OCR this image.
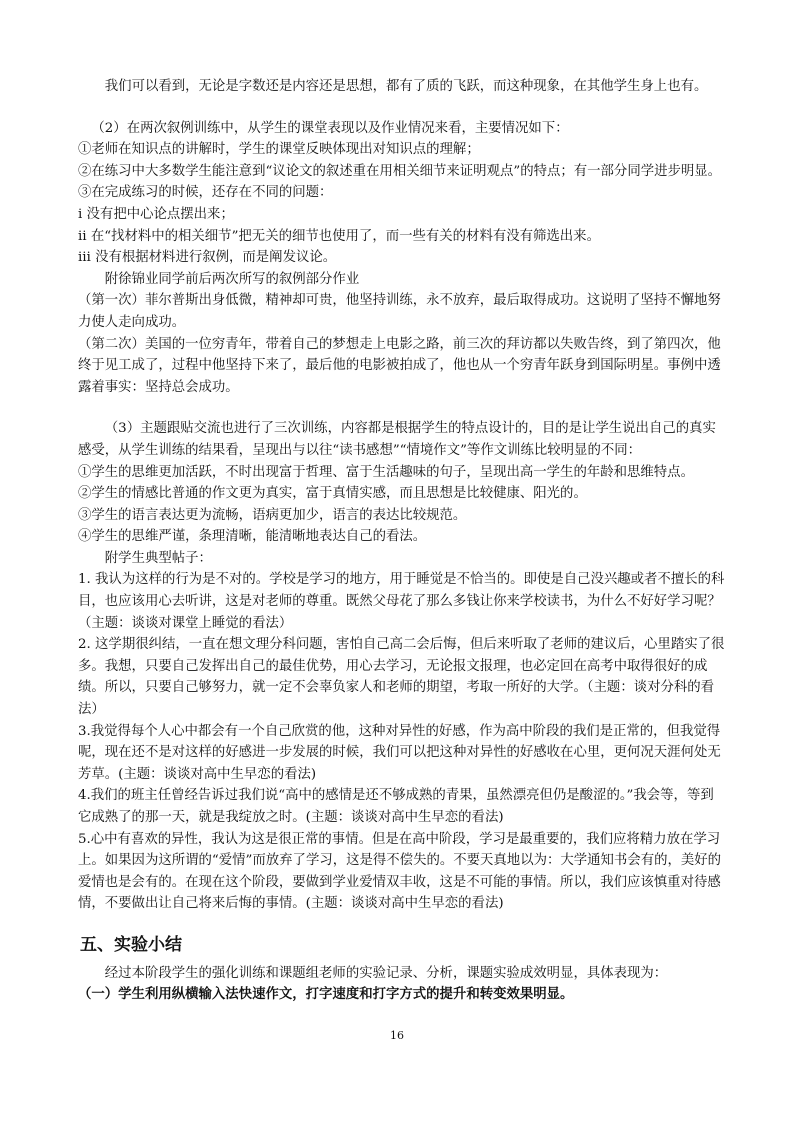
我们可以看到，无论是字数还是内容还是思想，都有了质的飞跃，而这种现象，在其他学生身上也有。

（2）在两次叙例训练中，从学生的课堂表现以及作业情况来看，主要情况如下：

①老师在知识点的讲解时，学生的课堂反映体现出对知识点的理解；

②在练习中大多数学生能注意到“议论文的叙述重在用相关细节来证明观点”的特点；有一部分同学进步明显。

③在完成练习的时候，还存在不同的问题：

ⅰ 没有把中心论点摆出来；

ⅱ 在“找材料中的相关细节”把无关的细节也使用了，而一些有关的材料有没有筛选出来。

ⅲ 没有根据材料进行叙例，而是阐发议论。

附徐锦业同学前后两次所写的叙例部分作业

（第一次）菲尔普斯出身低微，精神却可贵，他坚持训练，永不放弃，最后取得成功。这说明了坚持不懈地努力使人走向成功。

（第二次）美国的一位穷青年，带着自己的梦想走上电影之路，前三次的拜访都以失败告终，到了第四次，他终于见工成了，过程中他坚持下来了，最后他的电影被拍成了，他也从一个穷青年跃身到国际明星。事例中透露着事实：坚持总会成功。

（3）主题跟贴交流也进行了三次训练，内容都是根据学生的特点设计的，目的是让学生说出自己的真实感受，从学生训练的结果看，呈现出与以往“读书感想”“情境作文”等作文训练比较明显的不同：

①学生的思维更加活跃，不时出现富于哲理、富于生活趣味的句子，呈现出高一学生的年龄和思维特点。

②学生的情感比普通的作文更为真实，富于真情实感，而且思想是比较健康、阳光的。

③学生的语言表达更为流畅，语病更加少，语言的表达比较规范。

④学生的思维严谨，条理清晰，能清晰地表达自己的看法。

附学生典型帖子：

1. 我认为这样的行为是不对的。学校是学习的地方，用于睡觉是不恰当的。即使是自己没兴趣或者不擅长的科目，也应该用心去听讲，这是对老师的尊重。既然父母花了那么多钱让你来学校读书，为什么不好好学习呢？（主题：谈谈对课堂上睡觉的看法）

2. 这学期很纠结，一直在想文理分科问题，害怕自己高二会后悔，但后来听取了老师的建议后，心里踏实了很多。我想，只要自己发挥出自己的最佳优势，用心去学习，无论报文报理，也必定回在高考中取得很好的成绩。所以，只要自己够努力，就一定不会辜负家人和老师的期望，考取一所好的大学。（主题：谈对分科的看法）

3.我觉得每个人心中都会有一个自己欣赏的他，这种对异性的好感，作为高中阶段的我们是正常的，但我觉得呢，现在还不是对这样的好感进一步发展的时候，我们可以把这种对异性的好感收在心里，更何况天涯何处无芳草。(主题：谈谈对高中生早恋的看法)

4.我们的班主任曾经告诉过我们说“高中的感情是还不够成熟的青果，虽然漂亮但仍是酸涩的。”我会等，等到它成熟了的那一天，就是我绽放之时。(主题：谈谈对高中生早恋的看法)

5.心中有喜欢的异性，我认为这是很正常的事情。但是在高中阶段，学习是最重要的，我们应将精力放在学习上。如果因为这所谓的“爱情”而放弃了学习，这是得不偿失的。不要天真地以为：大学通知书会有的，美好的爱情也是会有的。在现在这个阶段，要做到学业爱情双丰收，这是不可能的事情。所以，我们应该慎重对待感情，不要做出让自己将来后悔的事情。(主题：谈谈对高中生早恋的看法)

五、实验小结

经过本阶段学生的强化训练和课题组老师的实验记录、分析，课题实验成效明显，具体表现为：

（一）学生利用纵横输入法快速作文，打字速度和打字方式的提升和转变效果明显。

16
